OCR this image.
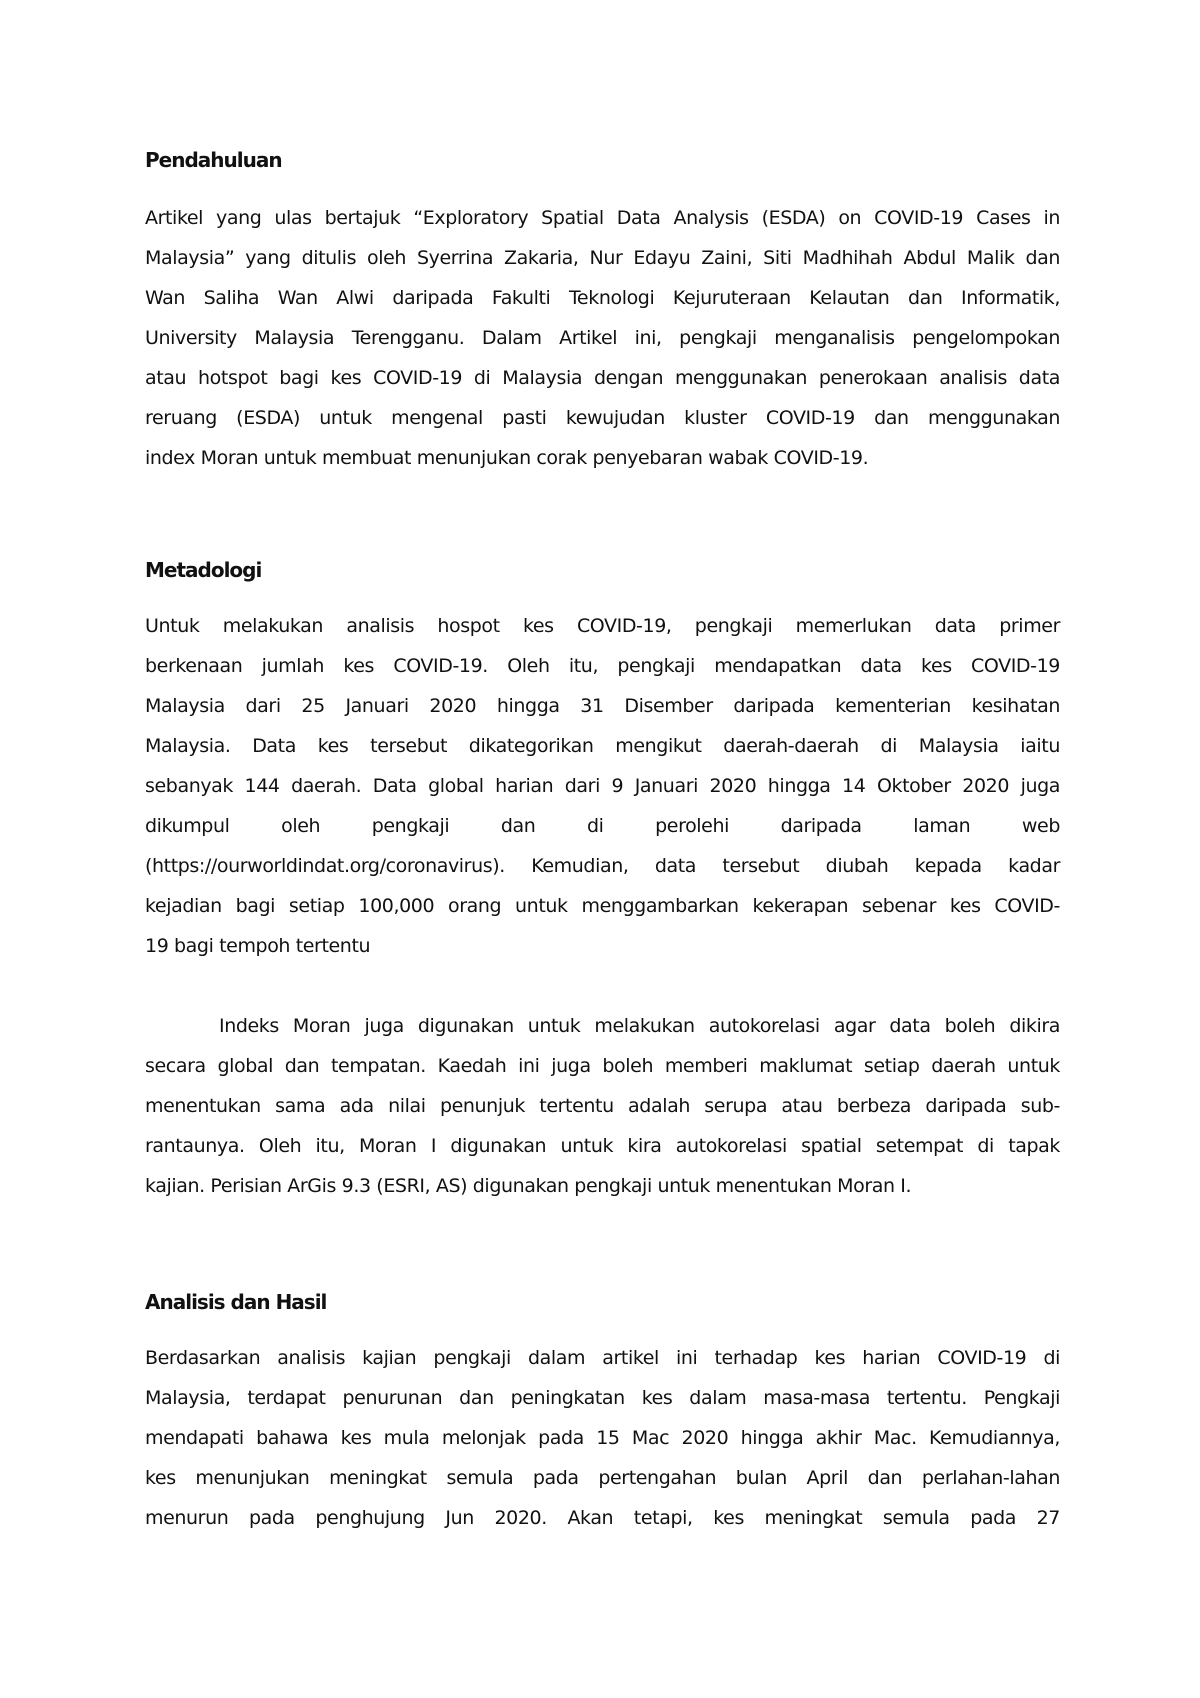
Pendahuluan
Artikel yang ulas bertajuk “Exploratory Spatial Data Analysis (ESDA) on COVID-19 Cases in
Malaysia” yang ditulis oleh Syerrina Zakaria, Nur Edayu Zaini, Siti Madhihah Abdul Malik dan
Wan Saliha Wan Alwi daripada Fakulti Teknologi Kejuruteraan Kelautan dan Informatik,
University Malaysia Terengganu. Dalam Artikel ini, pengkaji menganalisis pengelompokan
atau hotspot bagi kes COVID-19 di Malaysia dengan menggunakan penerokaan analisis data
reruang (ESDA) untuk mengenal pasti kewujudan kluster COVID-19 dan menggunakan
index Moran untuk membuat menunjukan corak penyebaran wabak COVID-19.
Metadologi
Untuk melakukan analisis hospot kes COVID-19, pengkaji memerlukan data primer
berkenaan jumlah kes COVID-19. Oleh itu, pengkaji mendapatkan data kes COVID-19
Malaysia dari 25 Januari 2020 hingga 31 Disember daripada kementerian kesihatan
Malaysia. Data kes tersebut dikategorikan mengikut daerah-daerah di Malaysia iaitu
sebanyak 144 daerah. Data global harian dari 9 Januari 2020 hingga 14 Oktober 2020 juga
dikumpul oleh pengkaji dan di perolehi daripada laman web
(https://ourworldindat.org/coronavirus). Kemudian, data tersebut diubah kepada kadar
kejadian bagi setiap 100,000 orang untuk menggambarkan kekerapan sebenar kes COVID-
19 bagi tempoh tertentu
Indeks Moran juga digunakan untuk melakukan autokorelasi agar data boleh dikira
secara global dan tempatan. Kaedah ini juga boleh memberi maklumat setiap daerah untuk
menentukan sama ada nilai penunjuk tertentu adalah serupa atau berbeza daripada sub-
rantaunya. Oleh itu, Moran I digunakan untuk kira autokorelasi spatial setempat di tapak
kajian. Perisian ArGis 9.3 (ESRI, AS) digunakan pengkaji untuk menentukan Moran I.
Analisis dan Hasil
Berdasarkan analisis kajian pengkaji dalam artikel ini terhadap kes harian COVID-19 di
Malaysia, terdapat penurunan dan peningkatan kes dalam masa-masa tertentu. Pengkaji
mendapati bahawa kes mula melonjak pada 15 Mac 2020 hingga akhir Mac. Kemudiannya,
kes menunjukan meningkat semula pada pertengahan bulan April dan perlahan-lahan
menurun pada penghujung Jun 2020. Akan tetapi, kes meningkat semula pada 27
